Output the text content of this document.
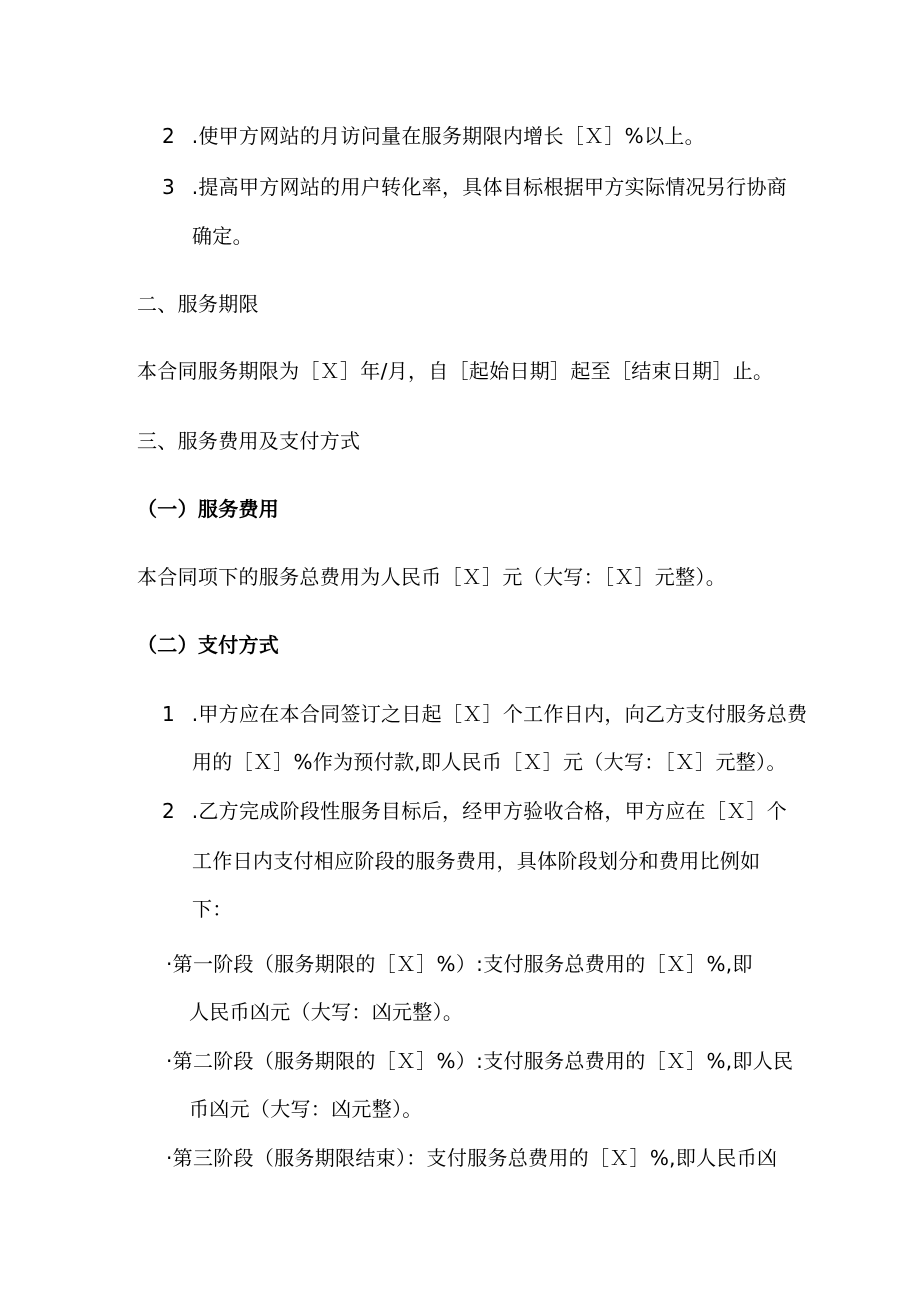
2 .使甲方网站的月访问量在服务期限内增长［Ｘ］%以上。
3 .提高甲方网站的用户转化率，具体目标根据甲方实际情况另行协商
确定。
二、服务期限
本合同服务期限为［Ｘ］年/月，自［起始日期］起至［结束日期］止。
三、服务费用及支付方式
（一）服务费用
本合同项下的服务总费用为人民币［Ｘ］元（大写：［Ｘ］元整）。
（二）支付方式
1 .甲方应在本合同签订之日起［Ｘ］个工作日内，向乙方支付服务总费
用的［Ｘ］%作为预付款,即人民币［Ｘ］元（大写：［Ｘ］元整）。
2 .乙方完成阶段性服务目标后，经甲方验收合格，甲方应在［Ｘ］个
工作日内支付相应阶段的服务费用，具体阶段划分和费用比例如
下：
·第一阶段（服务期限的［Ｘ］%）:支付服务总费用的［Ｘ］%,即
人民币凶元（大写：凶元整）。
·第二阶段（服务期限的［Ｘ］%）:支付服务总费用的［Ｘ］%,即人民
币凶元（大写：凶元整）。
·第三阶段（服务期限结束）：支付服务总费用的［Ｘ］%,即人民币凶
